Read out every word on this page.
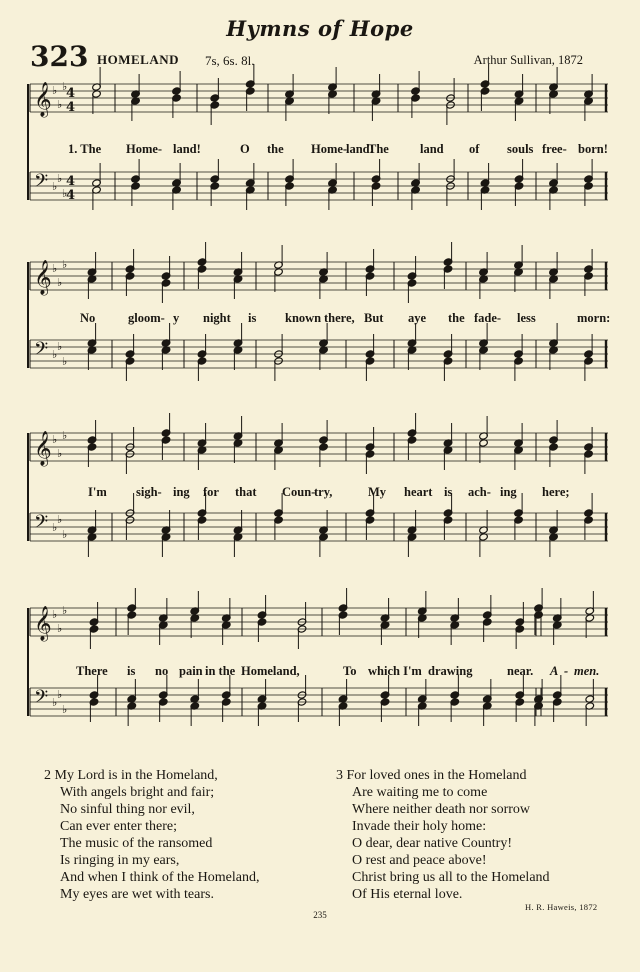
Hymns of Hope
323 HOMELAND 7s, 6s. 8l.	Arthur Sullivan, 1872
𝄞 ♭
♭
♭
𝄢 ♭
♭
♭
4
4
4
4
𝄞 ♭
♭
♭
𝄢 ♭
♭
♭
𝄞 ♭
♭
♭
𝄢 ♭
♭
♭
𝄞 ♭
♭
♭
𝄢 ♭
♭
♭
1. The Home- land!	O the Home-
land!
The land of souls free- born!
No	gloom- y night is known there, But aye the fade- less	morn:
I'm sigh- ing for that Coun-
try,	My heart is ach- ing here;
There is no pain in the Homeland,	To which I'm drawing	near. A - men.
2 My Lord is in the Homeland,
With angels bright and fair;
No sinful thing nor evil,
Can ever enter there;
The music of the ransomed
Is ringing in my ears,
And when I think of the Homeland,
My eyes are wet with tears.
3 For loved ones in the Homeland
Are waiting me to come
Where neither death nor sorrow
Invade their holy home:
O dear, dear native Country!
O rest and peace above!
Christ bring us all to the Homeland
Of His eternal love.
H. R. Haweis, 1872
235
